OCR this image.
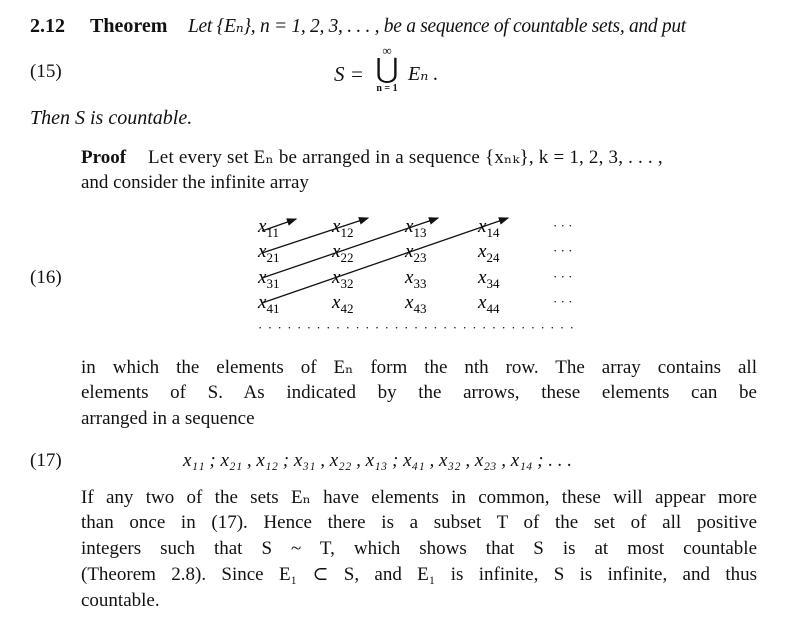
2.12 Theorem Let {Eₙ}, n = 1, 2, 3, . . . , be a sequence of countable sets, and put
(15)	S =
∞
⋃
n = 1
Eₙ .
Then S is countable.
Proof Let every set Eₙ be arranged in a sequence {xₙₖ}, k = 1, 2, 3, . . . ,
and consider the infinite array
(16)
$x_{11}$	$x_{12}$	$x_{13}$	$x_{14}$	· · ·
$x_{21}$	$x_{22}$	$x_{23}$	$x_{24}$	· · ·
$x_{31}$	$x_{32}$	$x_{33}$	$x_{34}$	· · ·
$x_{41}$	$x_{42}$	$x_{43}$	$x_{44}$	· · ·
· · · · · · · · · · · · · · · · · · · · · · · · · · · · · · · · ·
in which the elements of Eₙ form the nth row. The array contains all
elements of S. As indicated by the arrows, these elements can be
arranged in a sequence
(17)	x₁₁ ; x₂₁ , x₁₂ ; x₃₁ , x₂₂ , x₁₃ ; x₄₁ , x₃₂ , x₂₃ , x₁₄ ; . . .
If any two of the sets Eₙ have elements in common, these will appear more
than once in (17). Hence there is a subset T of the set of all positive
integers such that S ~ T, which shows that S is at most countable
(Theorem 2.8). Since E₁ ⊂ S, and E₁ is infinite, S is infinite, and thus
countable.
